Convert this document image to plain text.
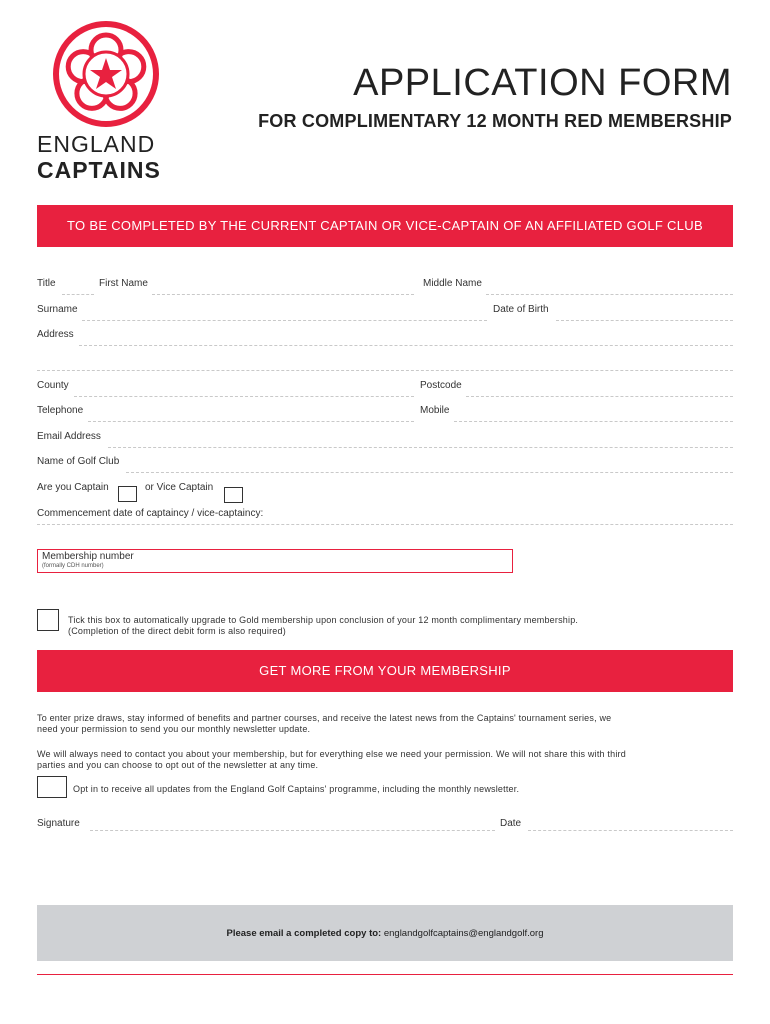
ENGLAND
CAPTAINS
APPLICATION FORM
FOR COMPLIMENTARY 12 MONTH RED MEMBERSHIP
TO BE COMPLETED BY THE CURRENT CAPTAIN OR VICE-CAPTAIN OF AN AFFILIATED GOLF CLUB
Title	First Name	Middle Name
Surname	Date of Birth
Address
County	Postcode
Telephone	Mobile
Email Address
Name of Golf Club
Are you Captain	or Vice Captain
Commencement date of captaincy / vice-captaincy:
Membership number
(formally CDH number)
Tick this box to automatically upgrade to Gold membership upon conclusion of your 12 month complimentary membership.
(Completion of the direct debit form is also required)
GET MORE FROM YOUR MEMBERSHIP
To enter prize draws, stay informed of benefits and partner courses, and receive the latest news from the Captains' tournament series, we
need your permission to send you our monthly newsletter update.
We will always need to contact you about your membership, but for everything else we need your permission. We will not share this with third
parties and you can choose to opt out of the newsletter at any time.
Opt in to receive all updates from the England Golf Captains' programme, including the monthly newsletter.
Signature	Date
Please email a completed copy to: englandgolfcaptains@englandgolf.org
